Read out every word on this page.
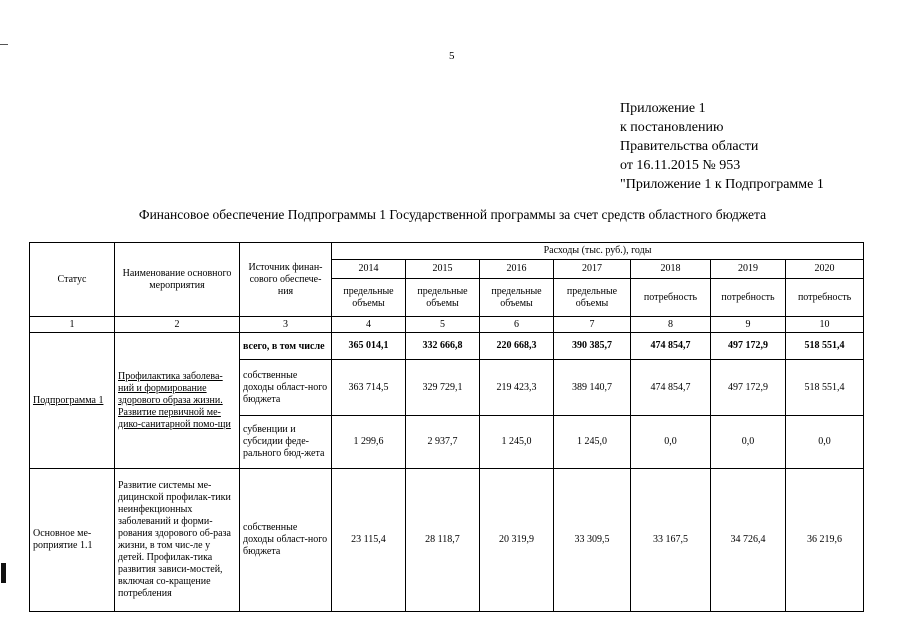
5
Приложение 1
к постановлению
Правительства области
от 16.11.2015 № 953
"Приложение 1 к Подпрограмме 1
Финансовое обеспечение Подпрограммы 1 Государственной программы за счет средств областного бюджета
Статус	Наименование основного мероприятия	Источник финан-сового обеспече-ния	Расходы (тыс. руб.), годы						
			2014	2015	2016	2017	2018	2019	2020
			предельные объемы	предельные объемы	предельные объемы	предельные объемы	потребность	потребность	потребность
1	2	3	4	5	6	7	8	9	10
Подпрограмма 1	Профилактика заболева-ний и формирование здорового образа жизни. Развитие первичной ме-дико-санитарной помо-щи	всего, в том числе	365 014,1	332 666,8	220 668,3	390 385,7	474 854,7	497 172,9	518 551,4
		собственные доходы област-ного бюджета	363 714,5	329 729,1	219 423,3	389 140,7	474 854,7	497 172,9	518 551,4
		субвенции и субсидии феде-рального бюд-жета	1 299,6	2 937,7	1 245,0	1 245,0	0,0	0,0	0,0
Основное ме-роприятие 1.1	Развитие системы ме-дицинской профилак-тики неинфекционных заболеваний и форми-рования здорового об-раза жизни, в том чис-ле у детей. Профилак-тика развития зависи-мостей, включая со-кращение потребления	собственные доходы област-ного бюджета	23 115,4	28 118,7	20 319,9	33 309,5	33 167,5	34 726,4	36 219,6
